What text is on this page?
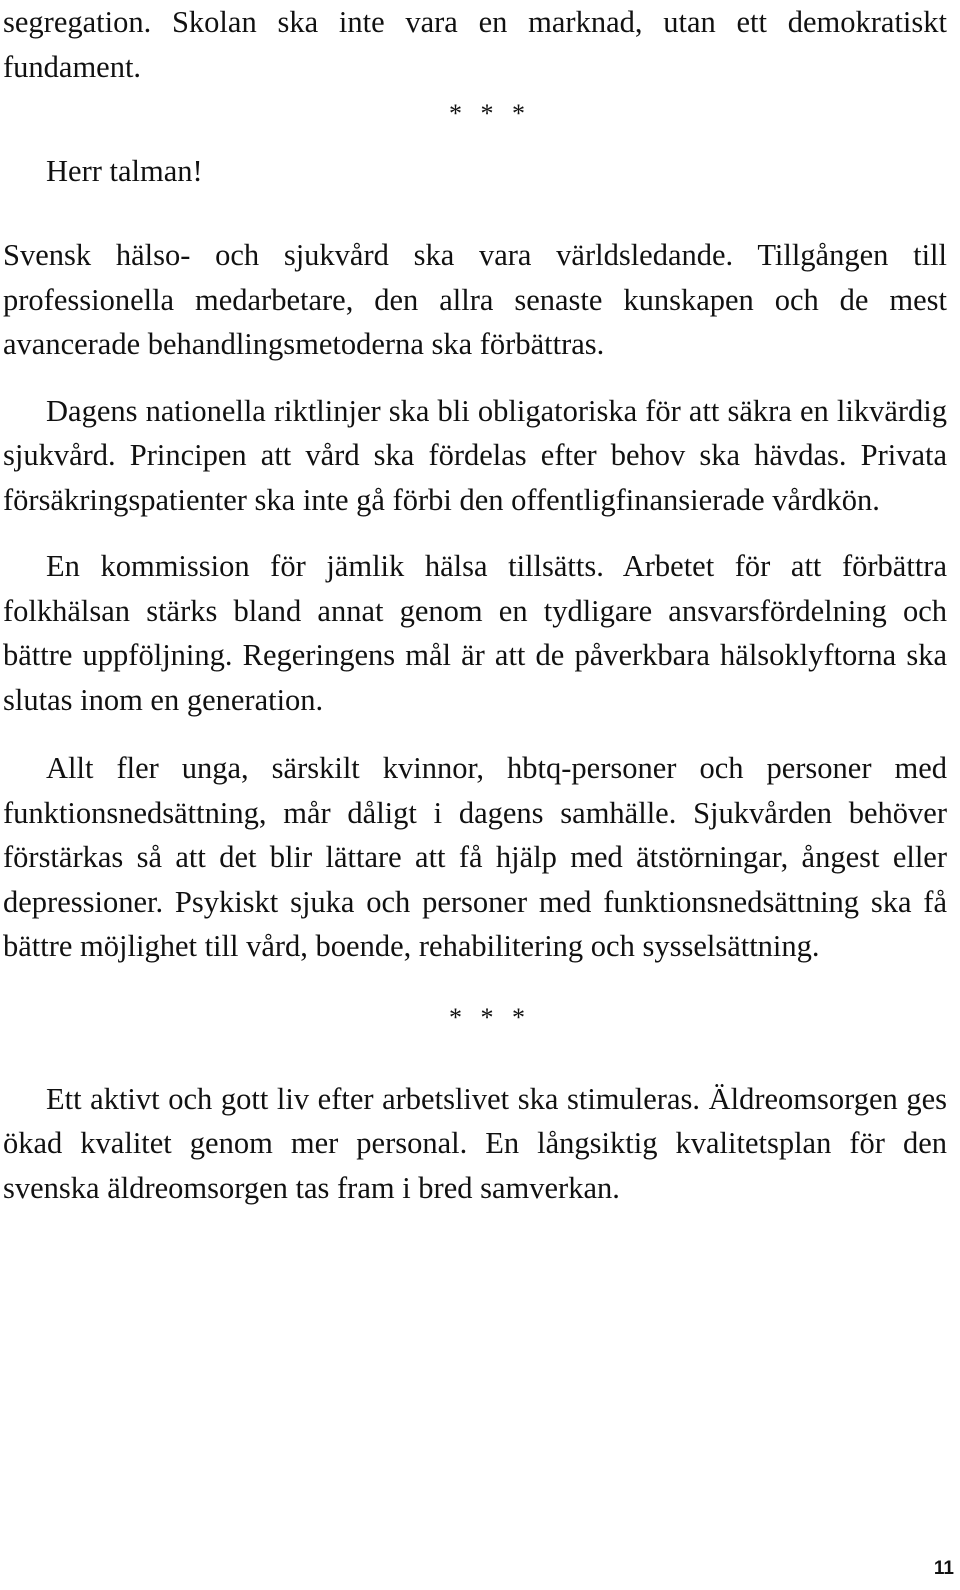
segregation. Skolan ska inte vara en marknad, utan ett demokratiskt fundament.

* * *

Herr talman!

Svensk hälso- och sjukvård ska vara världsledande. Tillgången till professionella medarbetare, den allra senaste kunskapen och de mest avancerade behandlingsmetoderna ska förbättras.

Dagens nationella riktlinjer ska bli obligatoriska för att säkra en likvärdig sjukvård. Principen att vård ska fördelas efter behov ska hävdas. Privata försäkringspatienter ska inte gå förbi den offentligfinansierade vårdkön.

En kommission för jämlik hälsa tillsätts. Arbetet för att förbättra folkhälsan stärks bland annat genom en tydligare ansvarsfördelning och bättre uppföljning. Regeringens mål är att de påverkbara hälsoklyftorna ska slutas inom en generation.

Allt fler unga, särskilt kvinnor, hbtq-personer och personer med funktionsnedsättning, mår dåligt i dagens samhälle. Sjukvården behöver förstärkas så att det blir lättare att få hjälp med ätstörningar, ångest eller depressioner. Psykiskt sjuka och personer med funktionsnedsättning ska få bättre möjlighet till vård, boende, rehabilitering och sysselsättning.

* * *

Ett aktivt och gott liv efter arbetslivet ska stimuleras. Äldreomsorgen ges ökad kvalitet genom mer personal. En långsiktig kvalitetsplan för den svenska äldreomsorgen tas fram i bred samverkan.

11
